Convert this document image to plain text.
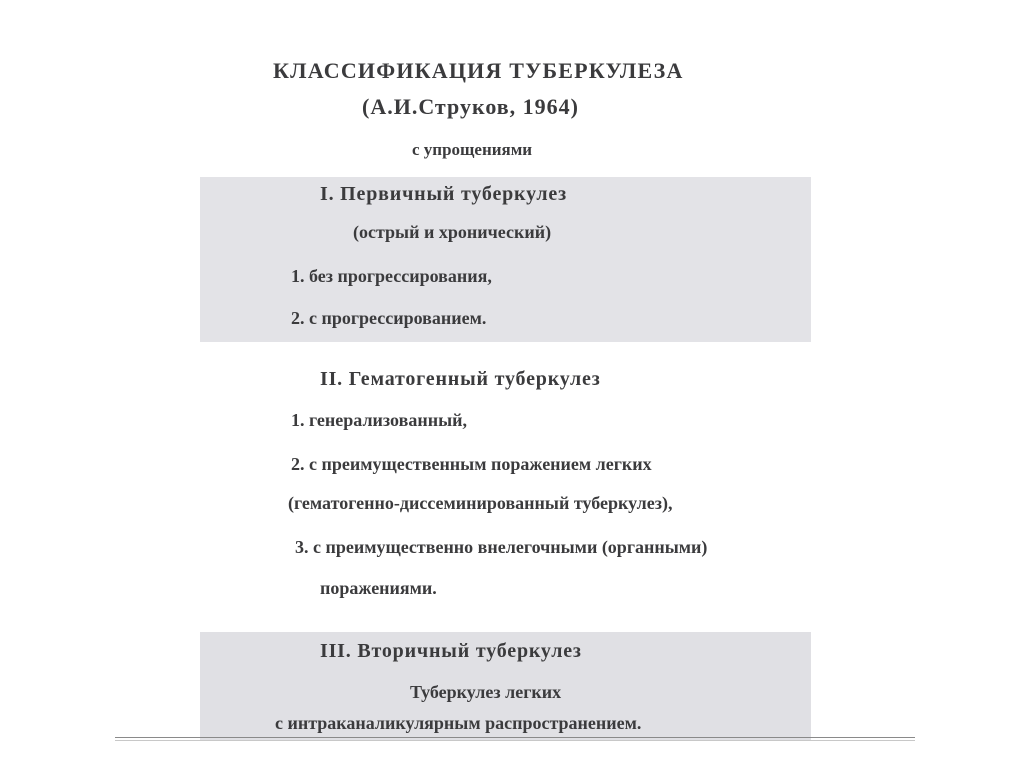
КЛАССИФИКАЦИЯ ТУБЕРКУЛЕЗА
(А.И.Струков, 1964)
с упрощениями
I. Первичный туберкулез
(острый и хронический)
1. без прогрессирования,
2. с прогрессированием.
II. Гематогенный туберкулез
1. генерализованный,
2. с преимущественным поражением легких
(гематогенно-диссеминированный туберкулез),
3. с преимущественно внелегочными (органными)
поражениями.
III. Вторичный туберкулез
Туберкулез легких
с интраканаликулярным распространением.
